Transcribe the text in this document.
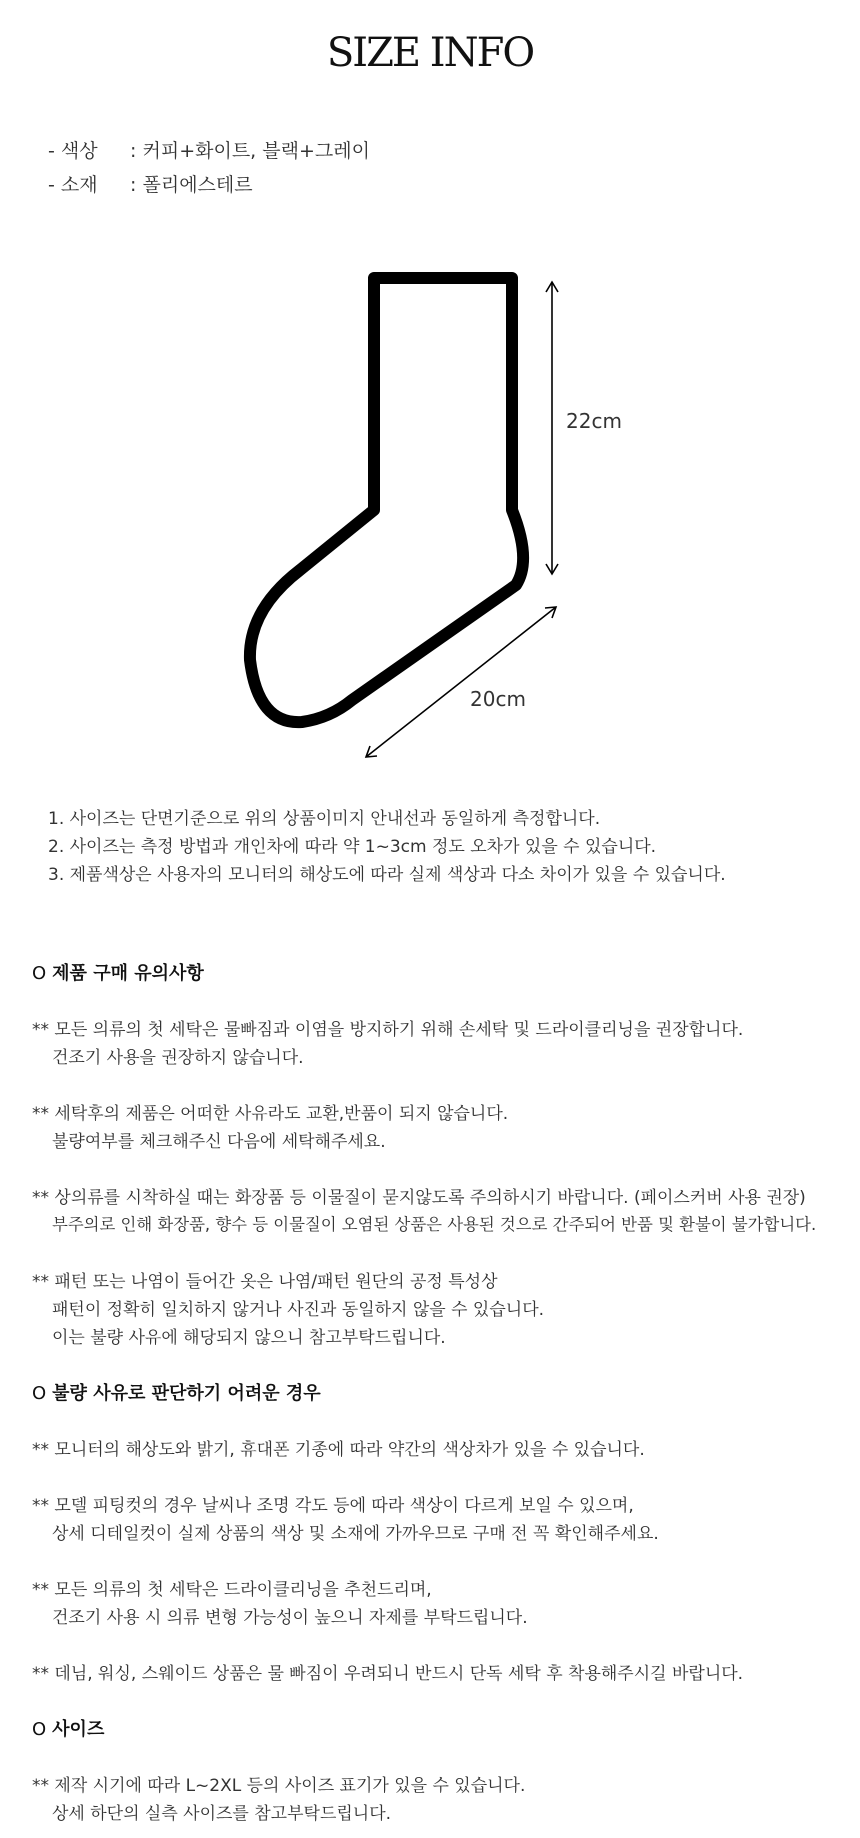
SIZE INFO
- 색상 : 커피+화이트, 블랙+그레이
- 소재 : 폴리에스테르
22cm
20cm
1. 사이즈는 단면기준으로 위의 상품이미지 안내선과 동일하게 측정합니다.
2. 사이즈는 측정 방법과 개인차에 따라 약 1~3cm 정도 오차가 있을 수 있습니다.
3. 제품색상은 사용자의 모니터의 해상도에 따라 실제 색상과 다소 차이가 있을 수 있습니다.
O 제품 구매 유의사항
** 모든 의류의 첫 세탁은 물빠짐과 이염을 방지하기 위해 손세탁 및 드라이클리닝을 권장합니다.
건조기 사용을 권장하지 않습니다.
** 세탁후의 제품은 어떠한 사유라도 교환,반품이 되지 않습니다.
불량여부를 체크해주신 다음에 세탁해주세요.
** 상의류를 시착하실 때는 화장품 등 이물질이 묻지않도록 주의하시기 바랍니다. (페이스커버 사용 권장)
부주의로 인해 화장품, 향수 등 이물질이 오염된 상품은 사용된 것으로 간주되어 반품 및 환불이 불가합니다.
** 패턴 또는 나염이 들어간 옷은 나염/패턴 원단의 공정 특성상
패턴이 정확히 일치하지 않거나 사진과 동일하지 않을 수 있습니다.
이는 불량 사유에 해당되지 않으니 참고부탁드립니다.
O 불량 사유로 판단하기 어려운 경우
** 모니터의 해상도와 밝기, 휴대폰 기종에 따라 약간의 색상차가 있을 수 있습니다.
** 모델 피팅컷의 경우 날씨나 조명 각도 등에 따라 색상이 다르게 보일 수 있으며,
상세 디테일컷이 실제 상품의 색상 및 소재에 가까우므로 구매 전 꼭 확인해주세요.
** 모든 의류의 첫 세탁은 드라이클리닝을 추천드리며,
건조기 사용 시 의류 변형 가능성이 높으니 자제를 부탁드립니다.
** 데님, 워싱, 스웨이드 상품은 물 빠짐이 우려되니 반드시 단독 세탁 후 착용해주시길 바랍니다.
O 사이즈
** 제작 시기에 따라 L~2XL 등의 사이즈 표기가 있을 수 있습니다.
상세 하단의 실측 사이즈를 참고부탁드립니다.
